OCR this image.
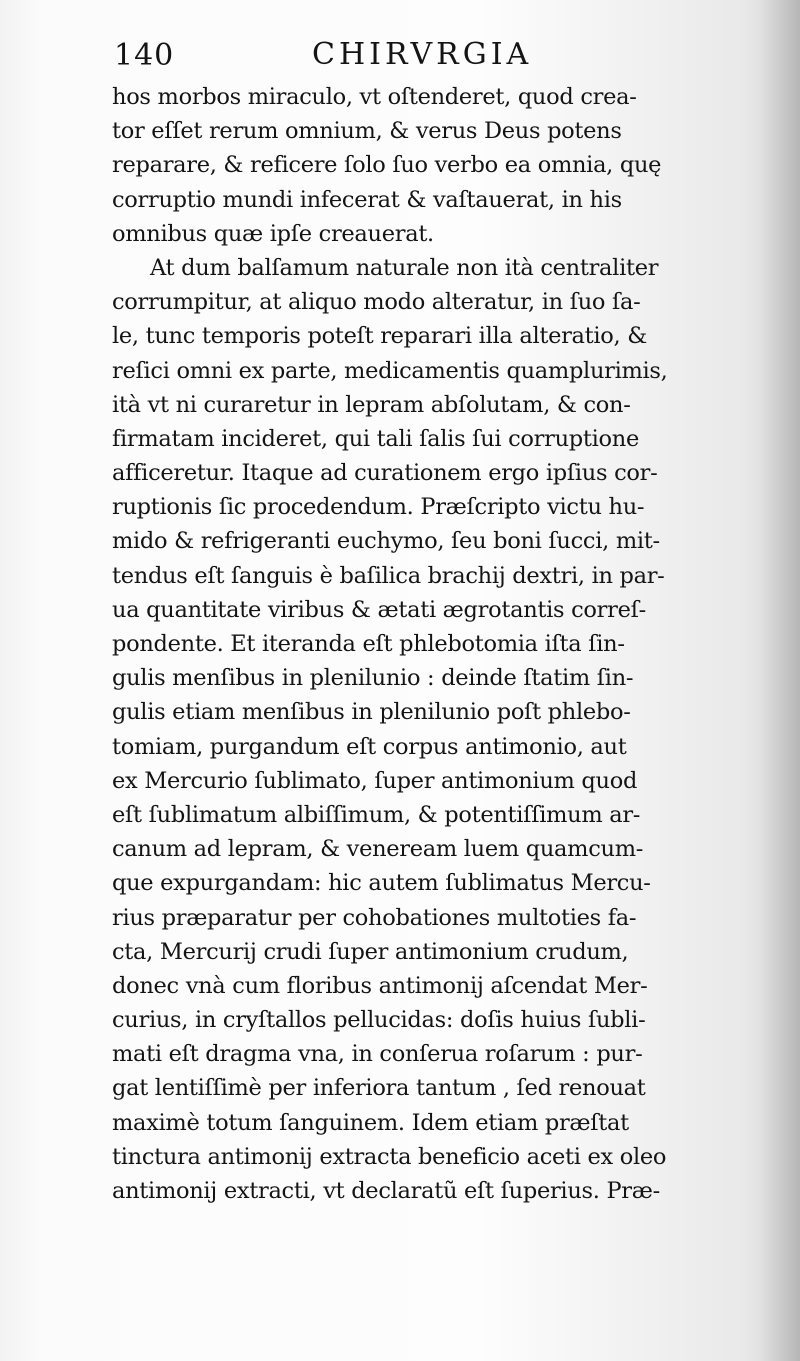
140	CHIRVRGIA
hos morbos miraculo, vt oſtenderet, quod crea-
tor eſſet rerum omnium, & verus Deus potens
reparare, & reficere ſolo ſuo verbo ea omnia, quę
corruptio mundi infecerat & vaſtauerat, in his
omnibus quæ ipſe creauerat.
At dum balſamum naturale non ità centraliter
corrumpitur, at aliquo modo alteratur, in ſuo ſa-
le, tunc temporis poteſt reparari illa alteratio, &
reſici omni ex parte, medicamentis quamplurimis,
ità vt ni curaretur in lepram abſolutam, & con-
firmatam incideret, qui tali ſalis ſui corruptione
afficeretur. Itaque ad curationem ergo ipſius cor-
ruptionis ſic procedendum. Præſcripto victu hu-
mido & refrigeranti euchymo, ſeu boni ſucci, mit-
tendus eſt ſanguis è baſilica brachij dextri, in par-
ua quantitate viribus & ætati ægrotantis correſ-
pondente. Et iteranda eſt phlebotomia iſta ſin-
gulis menſibus in plenilunio : deinde ſtatim ſin-
gulis etiam menſibus in plenilunio poſt phlebo-
tomiam, purgandum eſt corpus antimonio, aut
ex Mercurio ſublimato, ſuper antimonium quod
eſt ſublimatum albiſſimum, & potentiſſimum ar-
canum ad lepram, & veneream luem quamcum-
que expurgandam: hic autem ſublimatus Mercu-
rius præparatur per cohobationes multoties fa-
cta, Mercurij crudi ſuper antimonium crudum,
donec vnà cum floribus antimonij aſcendat Mer-
curius, in cryſtallos pellucidas: doſis huius ſubli-
mati eſt dragma vna, in conſerua roſarum : pur-
gat lentiſſimè per inferiora tantum , ſed renouat
maximè totum ſanguinem. Idem etiam præſtat
tinctura antimonij extracta beneficio aceti ex oleo
antimonij extracti, vt declaratũ eſt ſuperius. Præ-
